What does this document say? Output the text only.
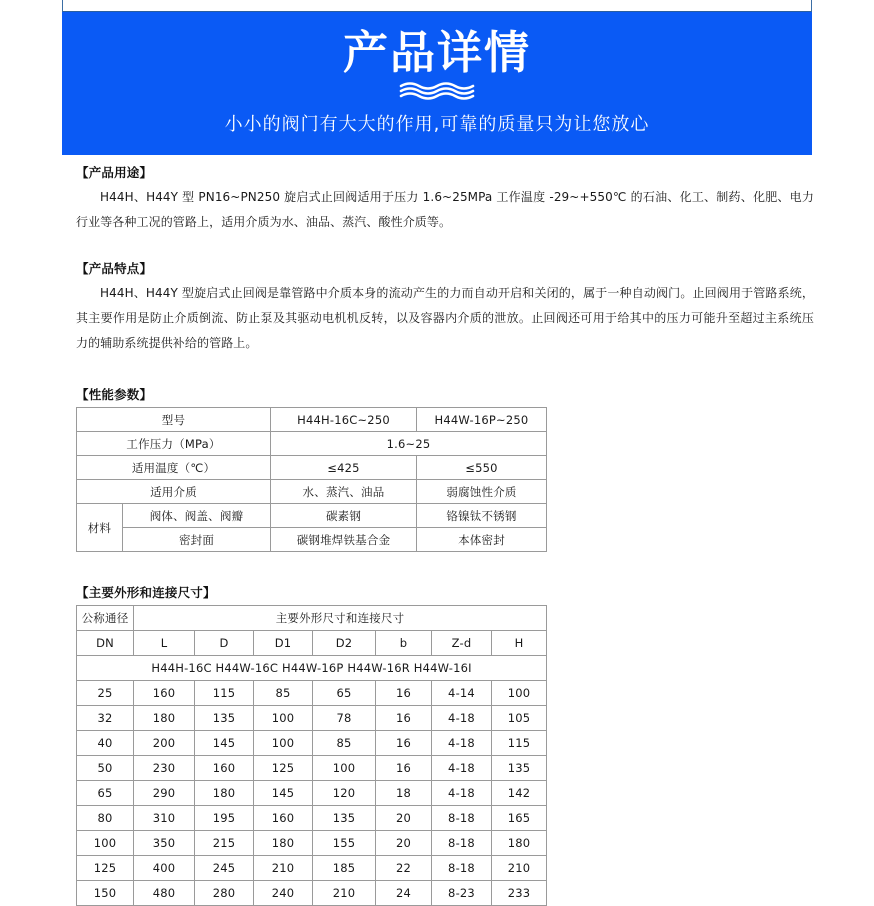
产品详情
小小的阀门有大大的作用,可靠的质量只为让您放心
【产品用途】

H44H、H44Y 型 PN16~PN250 旋启式止回阀适用于压力 1.6~25MPa 工作温度 -29~+550℃ 的石油、化工、制药、化肥、电力行业等各种工况的管路上，适用介质为水、油品、蒸汽、酸性介质等。

【产品特点】

H44H、H44Y 型旋启式止回阀是靠管路中介质本身的流动产生的力而自动开启和关闭的，属于一种自动阀门。止回阀用于管路系统，其主要作用是防止介质倒流、防止泵及其驱动电机机反转，以及容器内介质的泄放。止回阀还可用于给其中的压力可能升至超过主系统压力的辅助系统提供补给的管路上。

【性能参数】
型号		H44H-16C~250	H44W-16P~250
工作压力（MPa）		1.6~25	
适用温度（℃）		≤425	≤550
适用介质		水、蒸汽、油品	弱腐蚀性介质
材料	阀体、阀盖、阀瓣	碳素钢	铬镍钛不锈钢
	密封面	碳钢堆焊铁基合金	本体密封
【主要外形和连接尺寸】
公称通径	主要外形尺寸和连接尺寸						
DN	L	D	D1	D2	b	Z-d	H
H44H-16C H44W-16C H44W-16P H44W-16R H44W-16I							
25	160	115	85	65	16	4-14	100
32	180	135	100	78	16	4-18	105
40	200	145	100	85	16	4-18	115
50	230	160	125	100	16	4-18	135
65	290	180	145	120	18	4-18	142
80	310	195	160	135	20	8-18	165
100	350	215	180	155	20	8-18	180
125	400	245	210	185	22	8-18	210
150	480	280	240	210	24	8-23	233
